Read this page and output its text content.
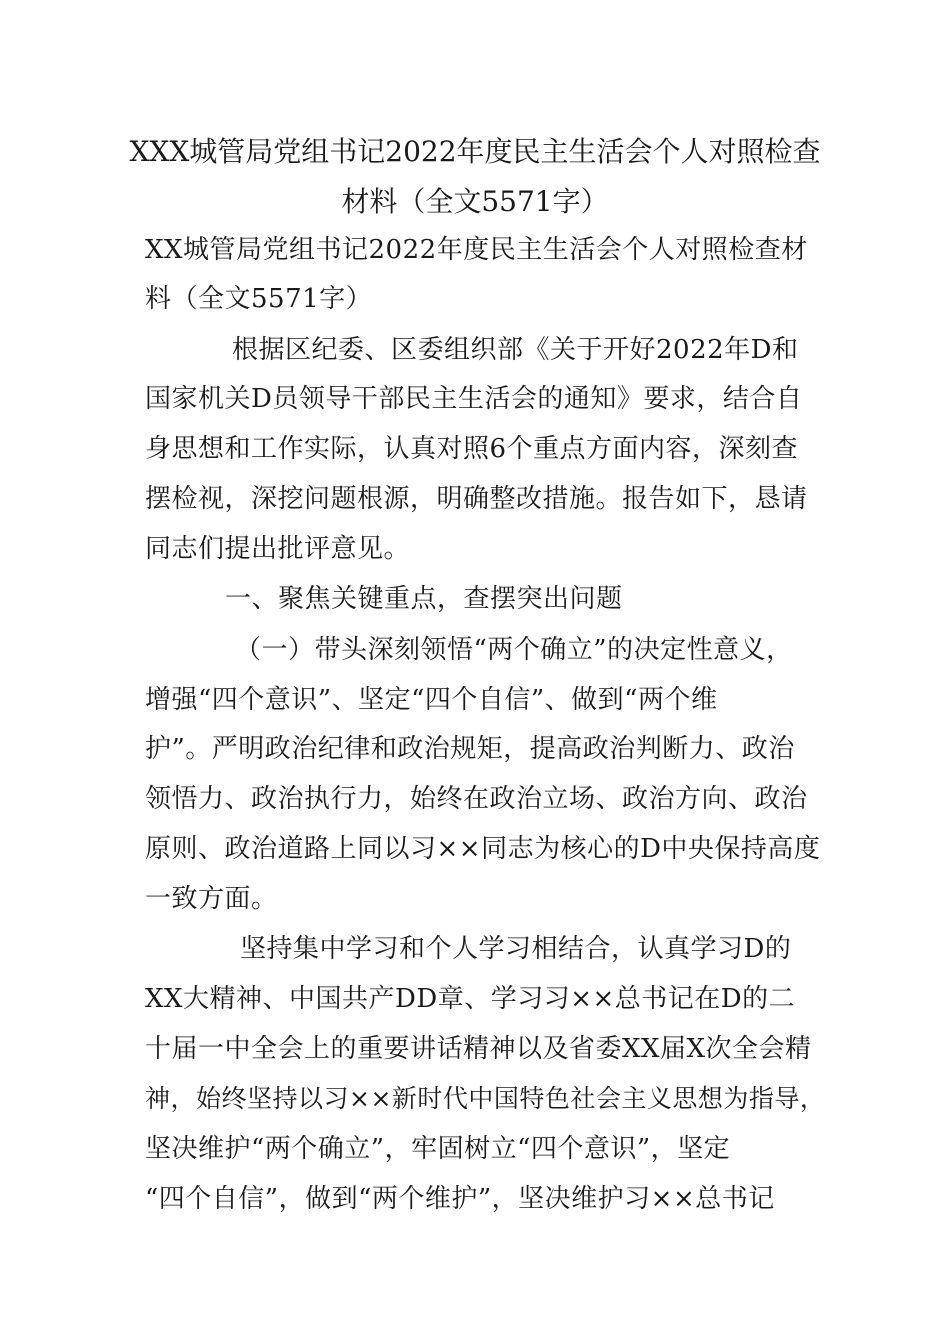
XXX城管局党组书记2022年度民主生活会个人对照检查
材料（全文5571字）
XX城管局党组书记2022年度民主生活会个人对照检查材
料（全文5571字）
根据区纪委、区委组织部《关于开好2022年D和
国家机关D员领导干部民主生活会的通知》要求，结合自
身思想和工作实际，认真对照6个重点方面内容，深刻查
摆检视，深挖问题根源，明确整改措施。报告如下，恳请
同志们提出批评意见。
一、聚焦关键重点，查摆突出问题
（一）带头深刻领悟“两个确立”的决定性意义，
增强“四个意识”、坚定“四个自信”、做到“两个维
护”。严明政治纪律和政治规矩，提高政治判断力、政治
领悟力、政治执行力，始终在政治立场、政治方向、政治
原则、政治道路上同以习××同志为核心的D中央保持高度
一致方面。
坚持集中学习和个人学习相结合，认真学习D的
XX大精神、中国共产DD章、学习习××总书记在D的二
十届一中全会上的重要讲话精神以及省委XX届X次全会精
神，始终坚持以习××新时代中国特色社会主义思想为指导，
坚决维护“两个确立”，牢固树立“四个意识”，坚定
“四个自信”，做到“两个维护”，坚决维护习××总书记
